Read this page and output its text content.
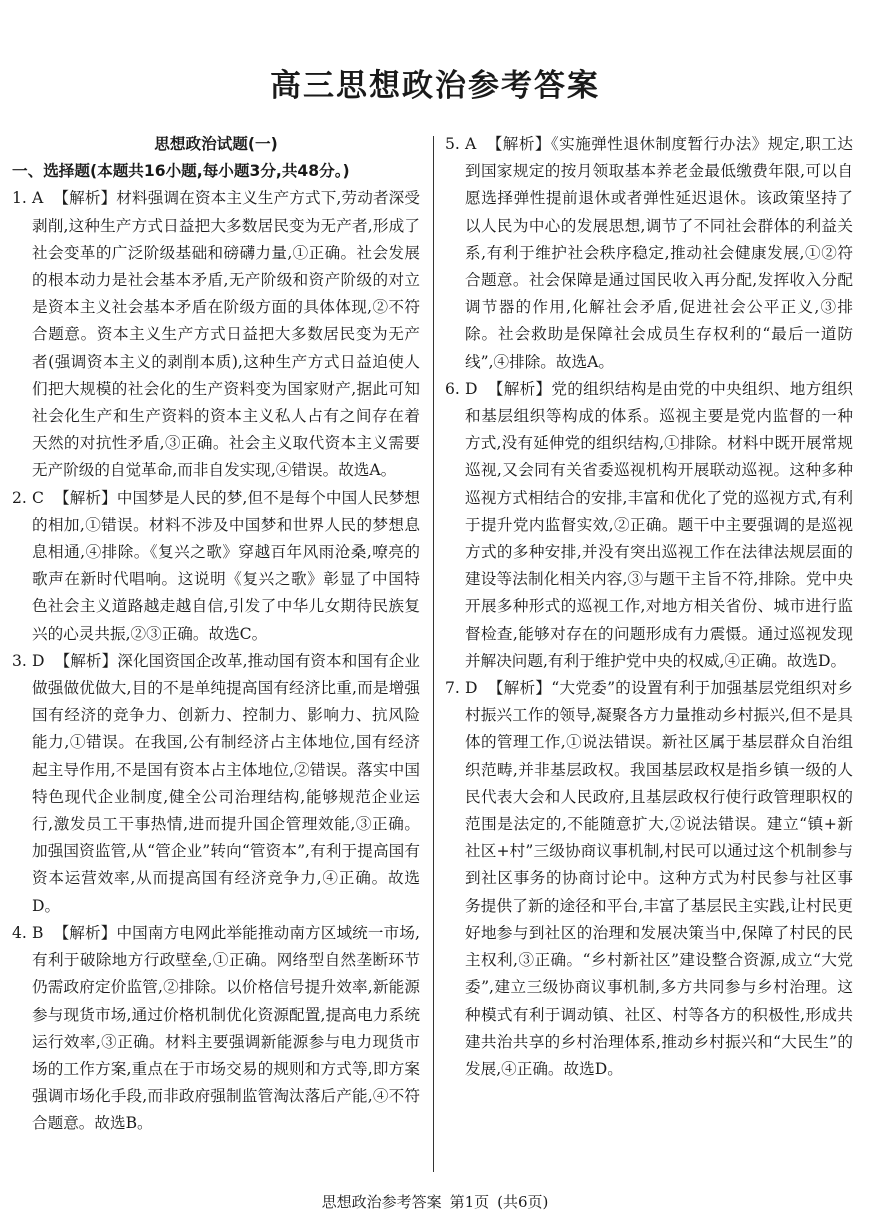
高三思想政治参考答案
思想政治试题(一)
一、选择题(本题共16小题,每小题3分,共48分。)
1. A 【解析】材料强调在资本主义生产方式下,劳动者深受剥削,这种生产方式日益把大多数居民变为无产者,形成了社会变革的广泛阶级基础和磅礴力量,①正确。社会发展的根本动力是社会基本矛盾,无产阶级和资产阶级的对立是资本主义社会基本矛盾在阶级方面的具体体现,②不符合题意。资本主义生产方式日益把大多数居民变为无产者(强调资本主义的剥削本质),这种生产方式日益迫使人们把大规模的社会化的生产资料变为国家财产,据此可知社会化生产和生产资料的资本主义私人占有之间存在着天然的对抗性矛盾,③正确。社会主义取代资本主义需要无产阶级的自觉革命,而非自发实现,④错误。故选A。
2. C 【解析】中国梦是人民的梦,但不是每个中国人民梦想的相加,①错误。材料不涉及中国梦和世界人民的梦想息息相通,④排除。《复兴之歌》穿越百年风雨沧桑,嘹亮的歌声在新时代唱响。这说明《复兴之歌》彰显了中国特色社会主义道路越走越自信,引发了中华儿女期待民族复兴的心灵共振,②③正确。故选C。
3. D 【解析】深化国资国企改革,推动国有资本和国有企业做强做优做大,目的不是单纯提高国有经济比重,而是增强国有经济的竞争力、创新力、控制力、影响力、抗风险能力,①错误。在我国,公有制经济占主体地位,国有经济起主导作用,不是国有资本占主体地位,②错误。落实中国特色现代企业制度,健全公司治理结构,能够规范企业运行,激发员工干事热情,进而提升国企管理效能,③正确。加强国资监管,从“管企业”转向“管资本”,有利于提高国有资本运营效率,从而提高国有经济竞争力,④正确。故选D。
4. B 【解析】中国南方电网此举能推动南方区域统一市场,有利于破除地方行政壁垒,①正确。网络型自然垄断环节仍需政府定价监管,②排除。以价格信号提升效率,新能源参与现货市场,通过价格机制优化资源配置,提高电力系统运行效率,③正确。材料主要强调新能源参与电力现货市场的工作方案,重点在于市场交易的规则和方式等,即方案强调市场化手段,而非政府强制监管淘汰落后产能,④不符合题意。故选B。
5. A 【解析】《实施弹性退休制度暂行办法》规定,职工达到国家规定的按月领取基本养老金最低缴费年限,可以自愿选择弹性提前退休或者弹性延迟退休。该政策坚持了以人民为中心的发展思想,调节了不同社会群体的利益关系,有利于维护社会秩序稳定,推动社会健康发展,①②符合题意。社会保障是通过国民收入再分配,发挥收入分配调节器的作用,化解社会矛盾,促进社会公平正义,③排除。社会救助是保障社会成员生存权利的“最后一道防线”,④排除。故选A。
6. D 【解析】党的组织结构是由党的中央组织、地方组织和基层组织等构成的体系。巡视主要是党内监督的一种方式,没有延伸党的组织结构,①排除。材料中既开展常规巡视,又会同有关省委巡视机构开展联动巡视。这种多种巡视方式相结合的安排,丰富和优化了党的巡视方式,有利于提升党内监督实效,②正确。题干中主要强调的是巡视方式的多种安排,并没有突出巡视工作在法律法规层面的建设等法制化相关内容,③与题干主旨不符,排除。党中央开展多种形式的巡视工作,对地方相关省份、城市进行监督检查,能够对存在的问题形成有力震慑。通过巡视发现并解决问题,有利于维护党中央的权威,④正确。故选D。
7. D 【解析】“大党委”的设置有利于加强基层党组织对乡村振兴工作的领导,凝聚各方力量推动乡村振兴,但不是具体的管理工作,①说法错误。新社区属于基层群众自治组织范畴,并非基层政权。我国基层政权是指乡镇一级的人民代表大会和人民政府,且基层政权行使行政管理职权的范围是法定的,不能随意扩大,②说法错误。建立“镇+新社区+村”三级协商议事机制,村民可以通过这个机制参与到社区事务的协商讨论中。这种方式为村民参与社区事务提供了新的途径和平台,丰富了基层民主实践,让村民更好地参与到社区的治理和发展决策当中,保障了村民的民主权利,③正确。“乡村新社区”建设整合资源,成立“大党委”,建立三级协商议事机制,多方共同参与乡村治理。这种模式有利于调动镇、社区、村等各方的积极性,形成共建共治共享的乡村治理体系,推动乡村振兴和“大民生”的发展,④正确。故选D。
思想政治参考答案 第1页 (共6页)
